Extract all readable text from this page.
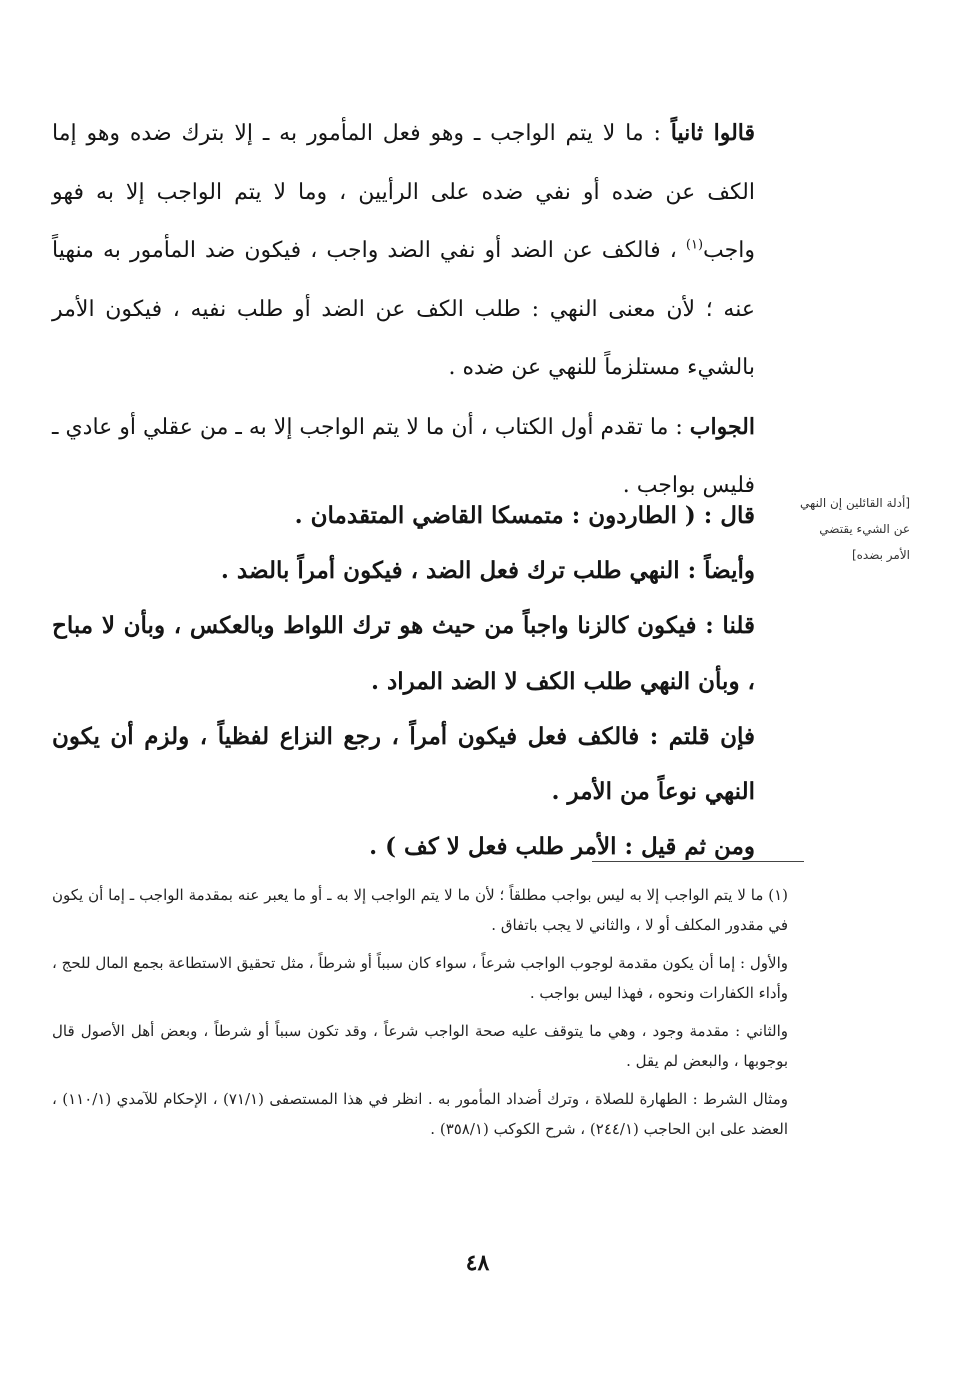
قالوا ثانياً : ما لا يتم الواجب ـ وهو فعل المأمور به ـ إلا بترك ضده وهو إما الكف عن ضده أو نفي ضده على الرأيين ، وما لا يتم الواجب إلا به فهو واجب$^{(١)}$ ، فالكف عن الضد أو نفي الضد واجب ، فيكون ضد المأمور به منهياً عنه ؛ لأن معنى النهي : طلب الكف عن الضد أو طلب نفيه ، فيكون الأمر بالشيء مستلزماً للنهي عن ضده .

الجواب : ما تقدم أول الكتاب ، أن ما لا يتم الواجب إلا به ـ من عقلي أو عادي ـ فليس بواجب .

[أدلة القائلين إن النهي عن الشيء يقتضي الأمر بضده]

قال : ( الطاردون : متمسكا القاضي المتقدمان .

وأيضاً : النهي طلب ترك فعل الضد ، فيكون أمراً بالضد .

قلنا : فيكون كالزنا واجباً من حيث هو ترك اللواط وبالعكس ، وبأن لا مباح ، وبأن النهي طلب الكف لا الضد المراد .

فإن قلتم : فالكف فعل فيكون أمراً ، رجع النزاع لفظياً ، ولزم أن يكون النهي نوعاً من الأمر .

ومن ثم قيل : الأمر طلب فعل لا كف ) .

(١) ما لا يتم الواجب إلا به ليس بواجب مطلقاً ؛ لأن ما لا يتم الواجب إلا به ـ أو ما يعبر عنه بمقدمة الواجب ـ إما أن يكون في مقدور المكلف أو لا ، والثاني لا يجب باتفاق .

والأول : إما أن يكون مقدمة لوجوب الواجب شرعاً ، سواء كان سبباً أو شرطاً ، مثل تحقيق الاستطاعة بجمع المال للحج ، وأداء الكفارات ونحوه ، فهذا ليس بواجب .

والثاني : مقدمة وجود ، وهي ما يتوقف عليه صحة الواجب شرعاً ، وقد تكون سبباً أو شرطاً ، وبعض أهل الأصول قال بوجوبها ، والبعض لم يقل .

ومثال الشرط : الطهارة للصلاة ، وترك أضداد المأمور به . انظر في هذا المستصفى (٧١/١) ، الإحكام للآمدي (١١٠/١) ، العضد على ابن الحاجب (٢٤٤/١) ، شرح الكوكب (٣٥٨/١) .

٤٨
